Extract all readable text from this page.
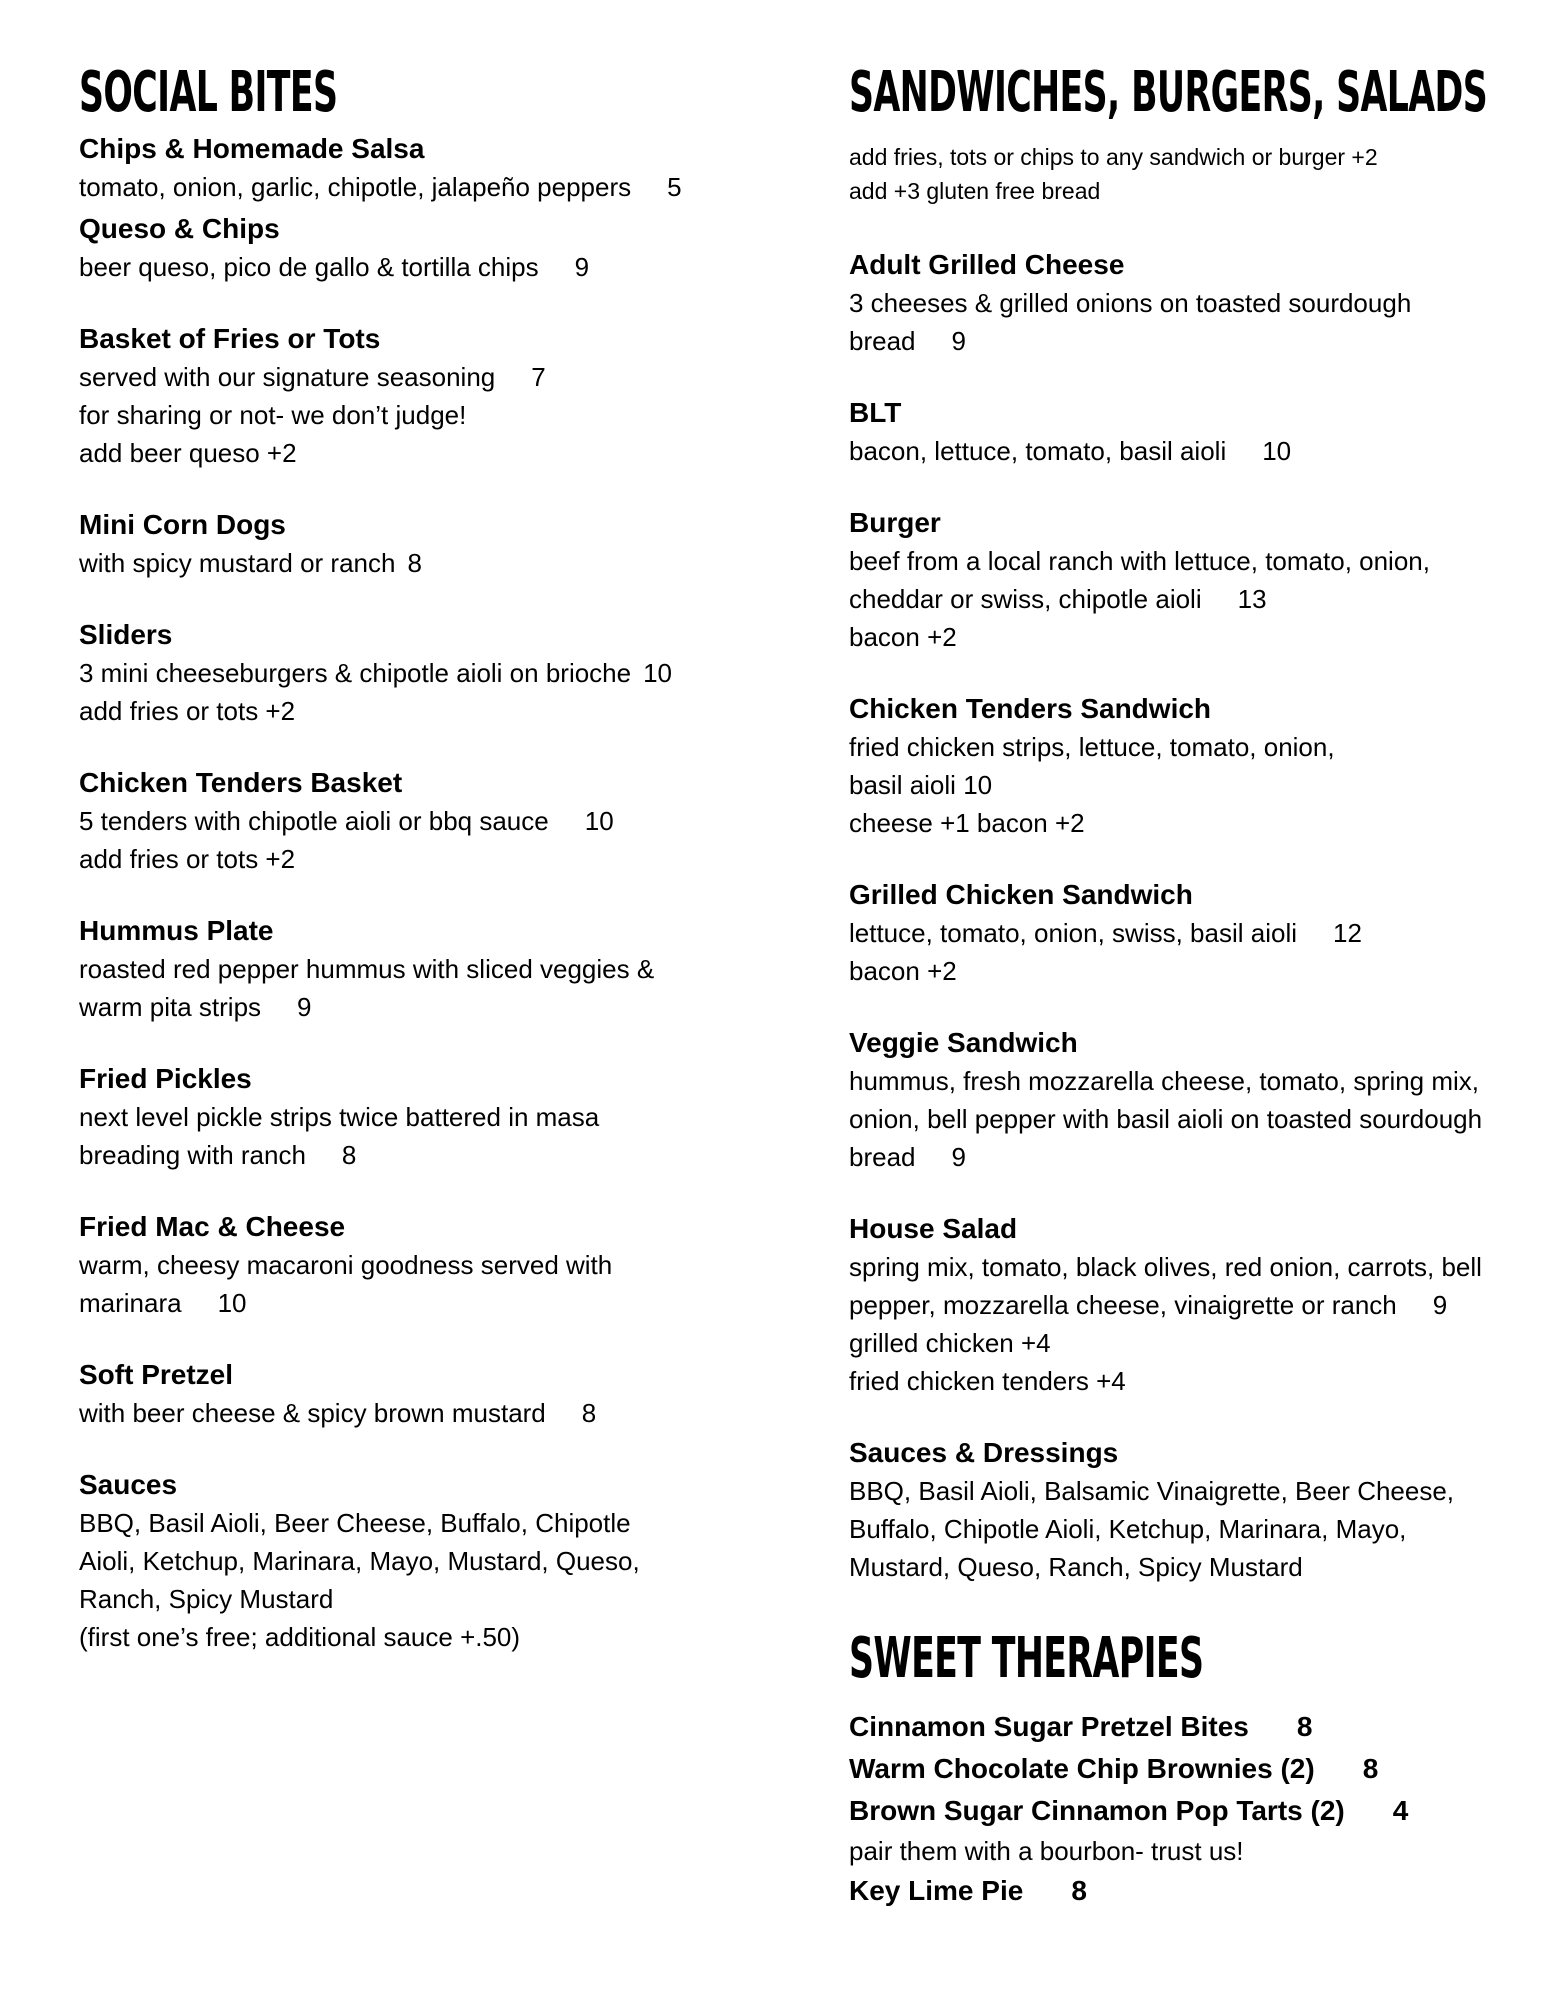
SOCIAL BITES
Chips & Homemade Salsa
tomato, onion, garlic, chipotle, jalapeño peppers 5
Queso & Chips
beer queso, pico de gallo & tortilla chips 9
Basket of Fries or Tots
served with our signature seasoning 7
for sharing or not- we don’t judge!
add beer queso +2
Mini Corn Dogs
with spicy mustard or ranch 8
Sliders
3 mini cheeseburgers & chipotle aioli on brioche 10
add fries or tots +2
Chicken Tenders Basket
5 tenders with chipotle aioli or bbq sauce 10
add fries or tots +2
Hummus Plate
roasted red pepper hummus with sliced veggies &
warm pita strips 9
Fried Pickles
next level pickle strips twice battered in masa
breading with ranch 8
Fried Mac & Cheese
warm, cheesy macaroni goodness served with
marinara 10
Soft Pretzel
with beer cheese & spicy brown mustard 8
Sauces
BBQ, Basil Aioli, Beer Cheese, Buffalo, Chipotle
Aioli, Ketchup, Marinara, Mayo, Mustard, Queso,
Ranch, Spicy Mustard
(first one’s free; additional sauce +.50)
SANDWICHES, BURGERS, SALADS
add fries, tots or chips to any sandwich or burger +2
add +3 gluten free bread
Adult Grilled Cheese
3 cheeses & grilled onions on toasted sourdough
bread 9
BLT
bacon, lettuce, tomato, basil aioli 10
Burger
beef from a local ranch with lettuce, tomato, onion,
cheddar or swiss, chipotle aioli 13
bacon +2
Chicken Tenders Sandwich
fried chicken strips, lettuce, tomato, onion,
basil aioli 10
cheese +1 bacon +2
Grilled Chicken Sandwich
lettuce, tomato, onion, swiss, basil aioli 12
bacon +2
Veggie Sandwich
hummus, fresh mozzarella cheese, tomato, spring mix,
onion, bell pepper with basil aioli on toasted sourdough
bread 9
House Salad
spring mix, tomato, black olives, red onion, carrots, bell
pepper, mozzarella cheese, vinaigrette or ranch 9
grilled chicken +4
fried chicken tenders +4
Sauces & Dressings
BBQ, Basil Aioli, Balsamic Vinaigrette, Beer Cheese,
Buffalo, Chipotle Aioli, Ketchup, Marinara, Mayo,
Mustard, Queso, Ranch, Spicy Mustard
SWEET THERAPIES
Cinnamon Sugar Pretzel Bites 8
Warm Chocolate Chip Brownies (2) 8
Brown Sugar Cinnamon Pop Tarts (2) 4
pair them with a bourbon- trust us!
Key Lime Pie 8
